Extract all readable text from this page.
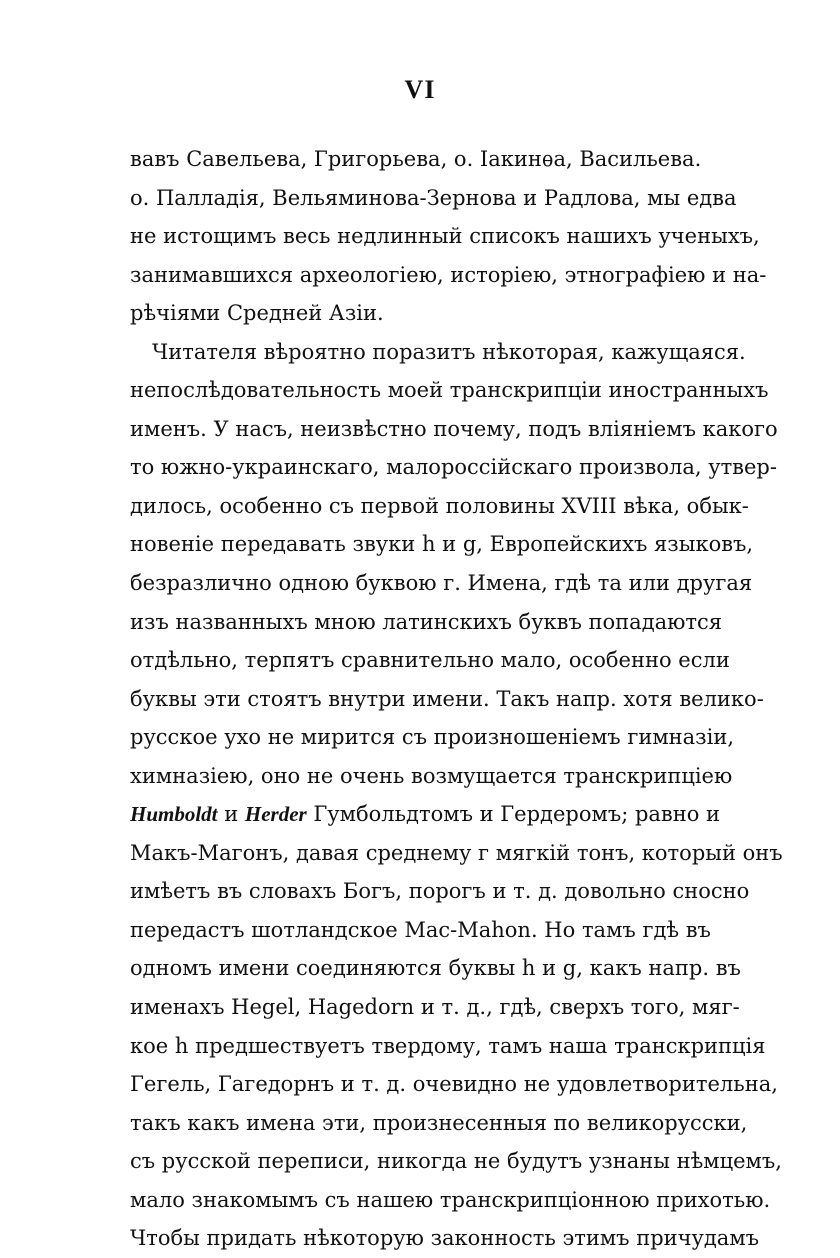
VI
вавъ Савельева, Григорьева, о. Іакинѳа, Васильева.
о. Палладія, Вельяминова-Зернова и Радлова, мы едва
не истощимъ весь недлинный списокъ нашихъ ученыхъ,
занимавшихся археологіею, исторіею, этнографіею и на-
рѣчіями Средней Азіи.
Читателя вѣроятно поразитъ нѣкоторая, кажущаяся.
непослѣдовательность моей транскрипціи иностранныхъ
именъ. У насъ, неизвѣстно почему, подъ вліяніемъ какого
то южно-украинскаго, малороссійскаго произвола, утвер-
дилось, особенно съ первой половины XVIII вѣка, обык-
новеніе передавать звуки h и g, Европейскихъ языковъ,
безразлично одною буквою г. Имена, гдѣ та или другая
изъ названныхъ мною латинскихъ буквъ попадаются
отдѣльно, терпятъ сравнительно мало, особенно если
буквы эти стоятъ внутри имени. Такъ напр. хотя велико-
русское ухо не мирится съ произношеніемъ гимназіи,
химназіею, оно не очень возмущается транскрипціею
Humboldt и Herder Гумбольдтомъ и Гердеромъ; равно и
Макъ-Магонъ, давая среднему г мягкій тонъ, который онъ
имѣетъ въ словахъ Богъ, порогъ и т. д. довольно сносно
передастъ шотландское Mac-Mahon. Но тамъ гдѣ въ
одномъ имени соединяются буквы h и g, какъ напр. въ
именахъ Hegel, Hagedorn и т. д., гдѣ, сверхъ того, мяг-
кое h предшествуетъ твердому, тамъ наша транскрипція
Гегель, Гагедорнъ и т. д. очевидно не удовлетворительна,
такъ какъ имена эти, произнесенныя по великорусски,
съ русской переписи, никогда не будутъ узнаны нѣмцемъ,
мало знакомымъ съ нашею транскрипціонною прихотью.
Чтобы придать нѣкоторую законность этимъ причудамъ
